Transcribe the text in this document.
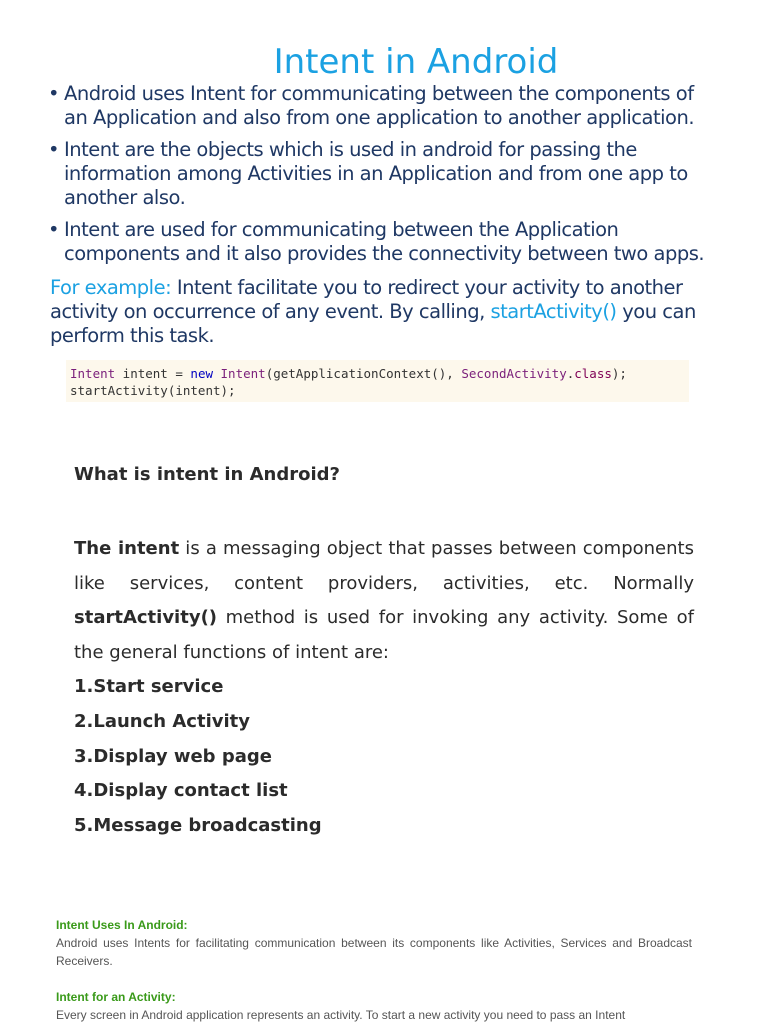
Intent in Android
• Android uses Intent for communicating between the components of an Application and also from one application to another application.
• Intent are the objects which is used in android for passing the information among Activities in an Application and from one app to another also.
• Intent are used for communicating between the Application components and it also provides the connectivity between two apps.
For example: Intent facilitate you to redirect your activity to another activity on occurrence of any event. By calling, startActivity() you can perform this task.
Intent intent = new Intent(getApplicationContext(), SecondActivity.class);
startActivity(intent);
What is intent in Android?

The intent is a messaging object that passes between components like services, content providers, activities, etc. Normally startActivity() method is used for invoking any activity. Some of the general functions of intent are:

1.Start service
2.Launch Activity
3.Display web page
4.Display contact list
5.Message broadcasting
Intent Uses In Android:

Android uses Intents for facilitating communication between its components like Activities, Services and Broadcast Receivers.

Intent for an Activity:

Every screen in Android application represents an activity. To start a new activity you need to pass an Intent
